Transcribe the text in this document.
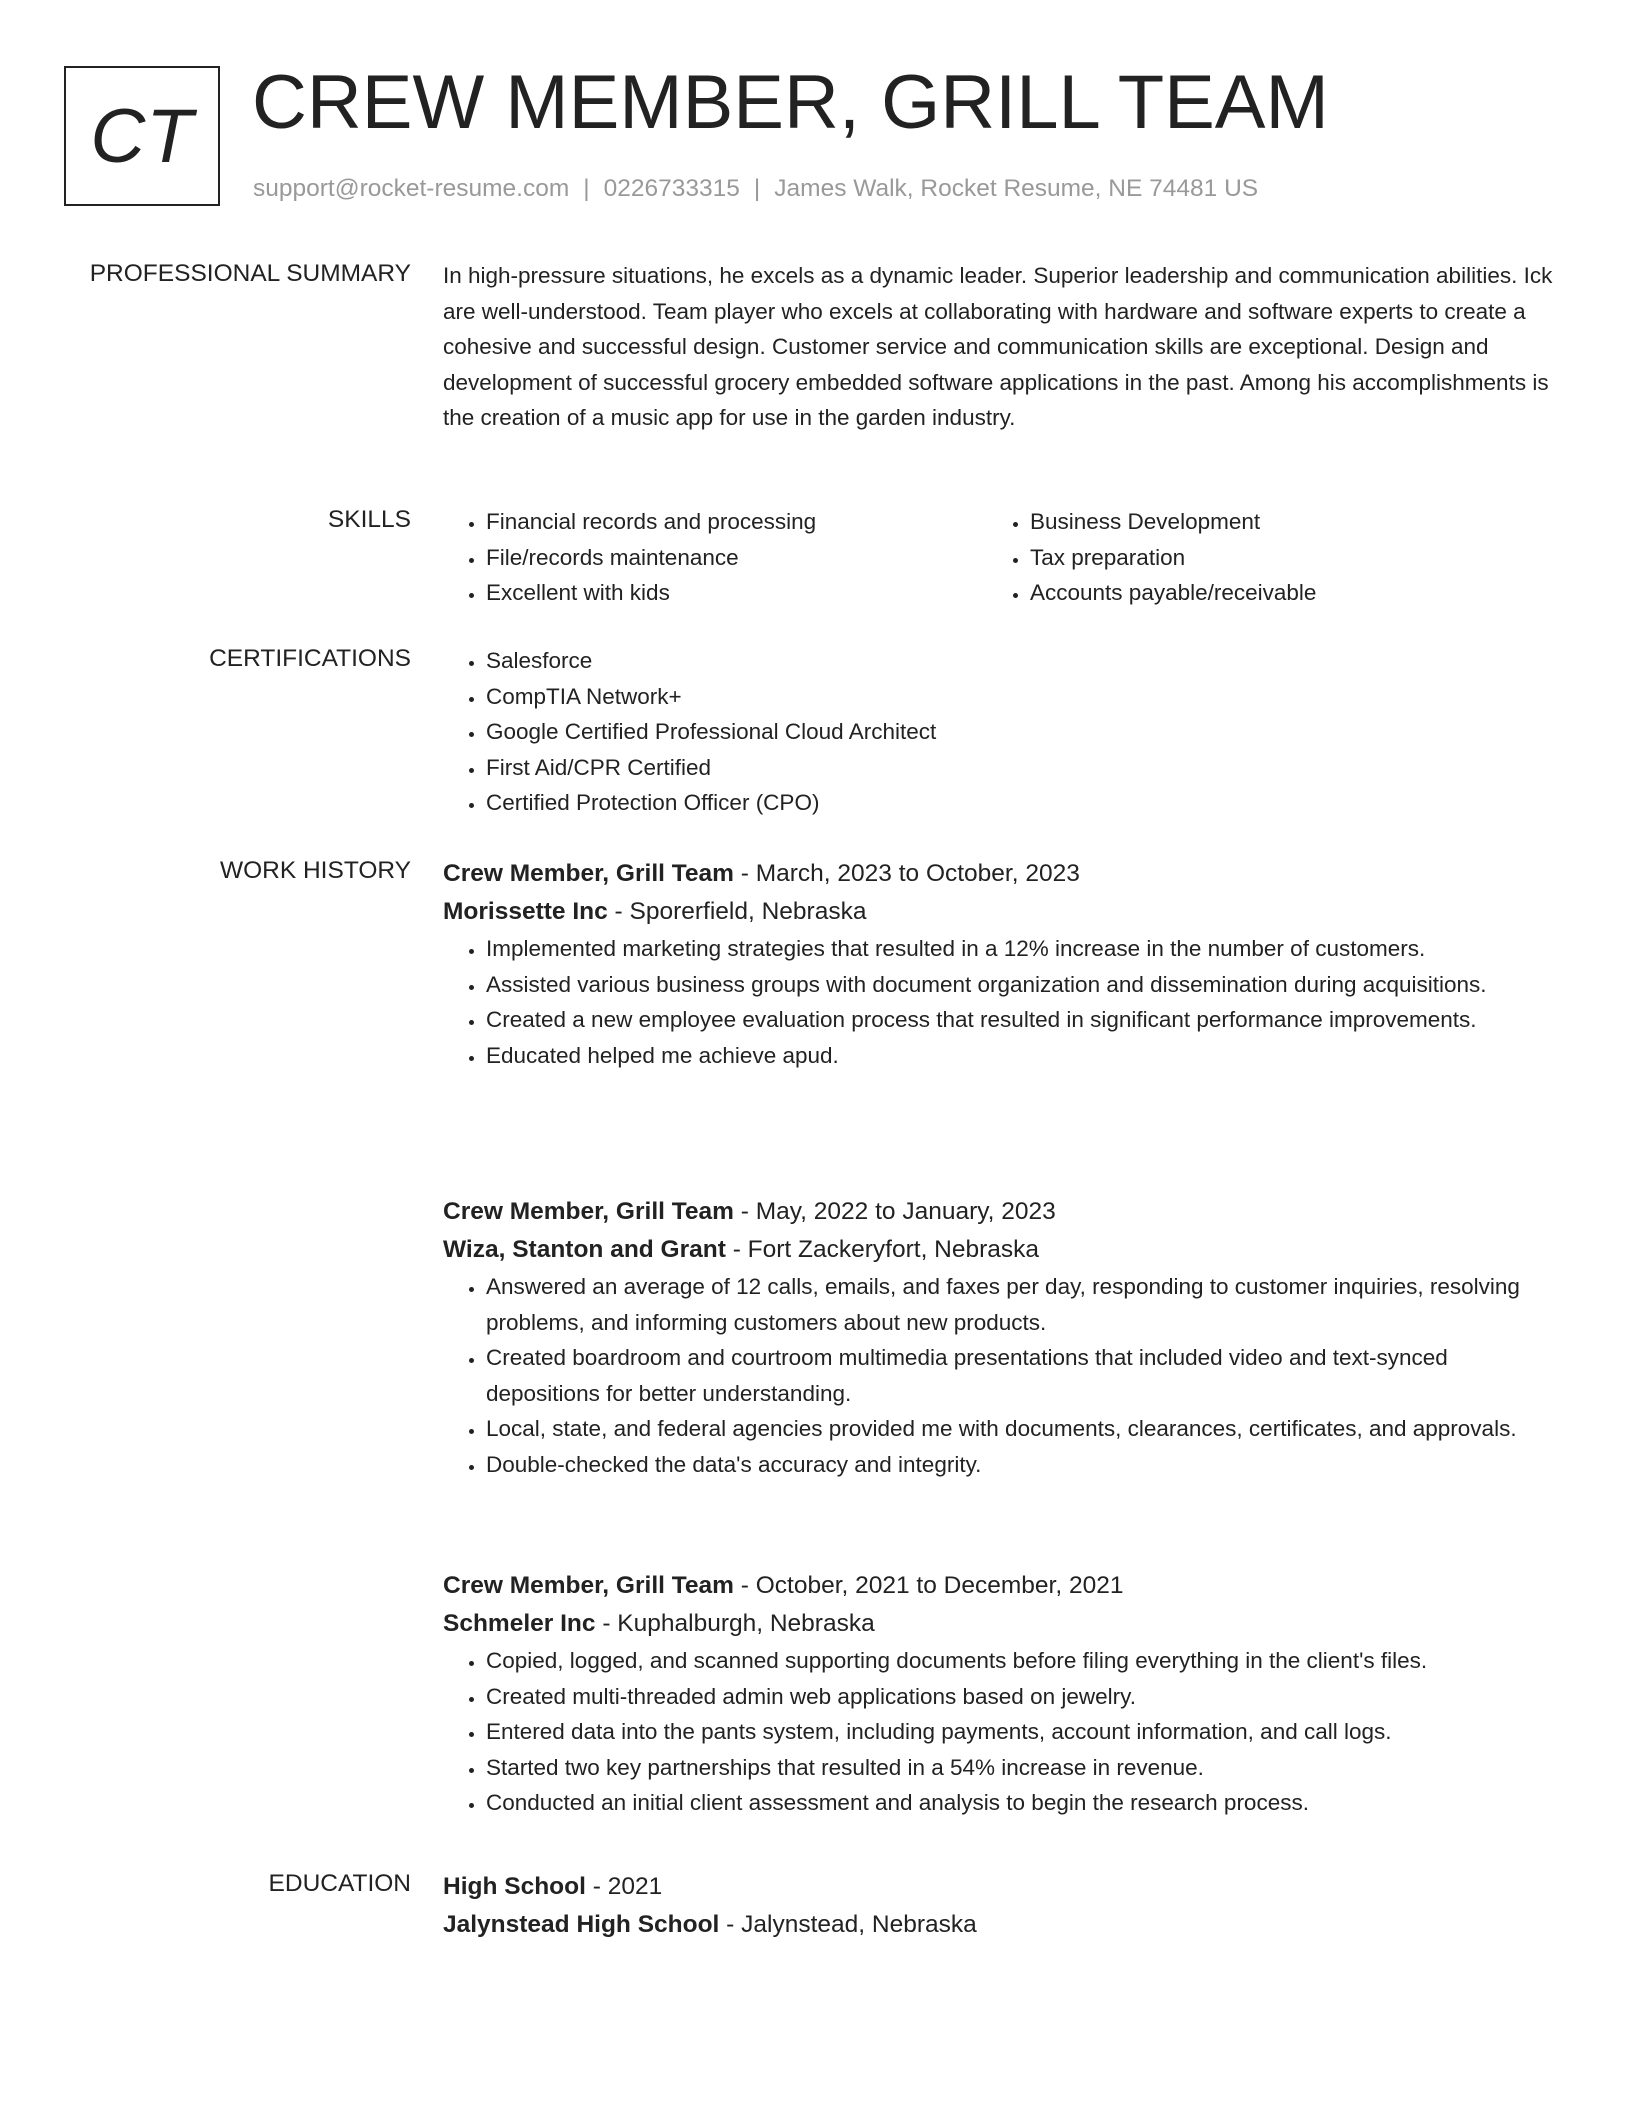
CT CREW MEMBER, GRILL TEAM
support@rocket-resume.com | 0226733315 | James Walk, Rocket Resume, NE 74481 US
PROFESSIONAL SUMMARY In high-pressure situations, he excels as a dynamic leader. Superior leadership and communication abilities. Ick are well-understood. Team player who excels at collaborating with hardware and software experts to create a cohesive and successful design. Customer service and communication skills are exceptional. Design and development of successful grocery embedded software applications in the past. Among his accomplishments is the creation of a music app for use in the garden industry.

SKILLS	• Financial records and processing
• File/records maintenance
• Excellent with kids
• Business Development
• Tax preparation
• Accounts payable/receivable
CERTIFICATIONS	• Salesforce
• CompTIA Network+
• Google Certified Professional Cloud Architect
• First Aid/CPR Certified
• Certified Protection Officer (CPO)
WORK HISTORY Crew Member, Grill Team - March, 2023 to October, 2023
Morissette Inc - Sporerfield, Nebraska
• Implemented marketing strategies that resulted in a 12% increase in the number of customers.
• Assisted various business groups with document organization and dissemination during acquisitions.
• Created a new employee evaluation process that resulted in significant performance improvements.
• Educated helped me achieve apud.
Crew Member, Grill Team - May, 2022 to January, 2023
Wiza, Stanton and Grant - Fort Zackeryfort, Nebraska
• Answered an average of 12 calls, emails, and faxes per day, responding to customer inquiries, resolving problems, and informing customers about new products.
• Created boardroom and courtroom multimedia presentations that included video and text-synced depositions for better understanding.
• Local, state, and federal agencies provided me with documents, clearances, certificates, and approvals.
• Double-checked the data's accuracy and integrity.
Crew Member, Grill Team - October, 2021 to December, 2021
Schmeler Inc - Kuphalburgh, Nebraska
• Copied, logged, and scanned supporting documents before filing everything in the client's files.
• Created multi-threaded admin web applications based on jewelry.
• Entered data into the pants system, including payments, account information, and call logs.
• Started two key partnerships that resulted in a 54% increase in revenue.
• Conducted an initial client assessment and analysis to begin the research process.
EDUCATION High School - 2021
Jalynstead High School - Jalynstead, Nebraska
